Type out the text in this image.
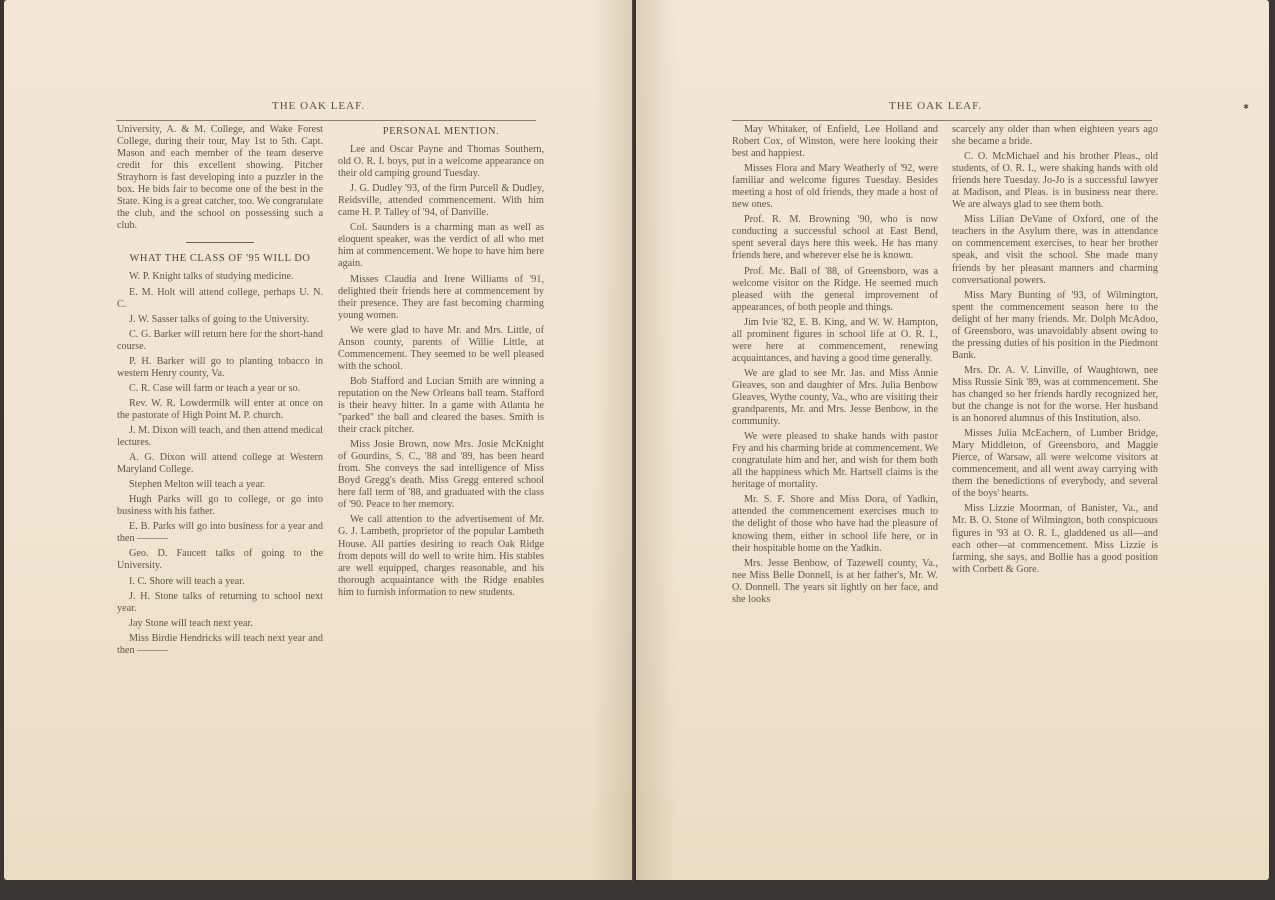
THE OAK LEAF.

University, A. & M. College, and Wake Forest College, during their tour, May 1st to 5th. Capt. Mason and each member of the team deserve credit for this excellent showing. Pitcher Strayhorn is fast developing into a puzzler in the box. He bids fair to become one of the best in the State. King is a great catcher, too. We congratulate the club, and the school on possessing such a club.

WHAT THE CLASS OF '95 WILL DO

W. P. Knight talks of studying medicine.

E. M. Holt will attend college, perhaps U. N. C.

J. W. Sasser talks of going to the University.

C. G. Barker will return here for the short-hand course.

P. H. Barker will go to planting tobacco in western Henry county, Va.

C. R. Case will farm or teach a year or so.

Rev. W. R. Lowdermilk will enter at once on the pastorate of High Point M. P. church.

J. M. Dixon will teach, and then attend medical lectures.

A. G. Dixon will attend college at Western Maryland College.

Stephen Melton will teach a year.

Hugh Parks will go to college, or go into business with his father.

E. B. Parks will go into business for a year and then ———

Geo. D. Faucett talks of going to the University.

I. C. Shore will teach a year.

J. H. Stone talks of returning to school next year.

Jay Stone will teach next year.

Miss Birdie Hendricks will teach next year and then ———

PERSONAL MENTION.

Lee and Oscar Payne and Thomas Southern, old O. R. I. boys, put in a welcome appearance on their old camping ground Tuesday.

J. G. Dudley '93, of the firm Purcell & Dudley, Reidsville, attended commencement. With him came H. P. Talley of '94, of Danville.

Col. Saunders is a charming man as well as eloquent speaker, was the verdict of all who met him at commencement. We hope to have him here again.

Misses Claudia and Irene Williams of '91, delighted their friends here at commencement by their presence. They are fast becoming charming young women.

We were glad to have Mr. and Mrs. Little, of Anson county, parents of Willie Little, at Commencement. They seemed to be well pleased with the school.

Bob Stafford and Lucian Smith are winning a reputation on the New Orleans ball team. Stafford is their heavy hitter. In a game with Atlanta he "parked" the ball and cleared the bases. Smith is their crack pitcher.

Miss Josie Brown, now Mrs. Josie McKnight of Gourdins, S. C., '88 and '89, has been heard from. She conveys the sad intelligence of Miss Boyd Gregg's death. Miss Gregg entered school here fall term of '88, and graduated with the class of '90. Peace to her memory.

We call attention to the advertisement of Mr. G. J. Lambeth, proprietor of the popular Lambeth House. All parties desiring to reach Oak Ridge from depots will do well to write him. His stables are well equipped, charges reasonable, and his thorough acquaintance with the Ridge enables him to furnish information to new students.

THE OAK LEAF.	✱

May Whitaker, of Enfield, Lee Holland and Robert Cox, of Winston, were here looking their best and happiest.

Misses Flora and Mary Weatherly of '92, were familiar and welcome figures Tuesday. Besides meeting a host of old friends, they made a host of new ones.

Prof. R. M. Browning '90, who is now conducting a successful school at East Bend, spent several days here this week. He has many friends here, and wherever else he is known.

Prof. Mc. Ball of '88, of Greensboro, was a welcome visitor on the Ridge. He seemed much pleased with the general improvement of appearances, of both people and things.

Jim Ivie '82, E. B. King, and W. W. Hampton, all prominent figures in school life at O. R. I., were here at commencement, renewing acquaintances, and having a good time generally.

We are glad to see Mr. Jas. and Miss Annie Gleaves, son and daughter of Mrs. Julia Benbow Gleaves, Wythe county, Va., who are visiting their grandparents, Mr. and Mrs. Jesse Benbow, in the community.

We were pleased to shake hands with pastor Fry and his charming bride at commencement. We congratulate him and her, and wish for them both all the happiness which Mr. Hartsell claims is the heritage of mortality.

Mr. S. F. Shore and Miss Dora, of Yadkin, attended the commencement exercises much to the delight of those who have had the pleasure of knowing them, either in school life here, or in their hospitable home on the Yadkin.

Mrs. Jesse Benbow, of Tazewell county, Va., nee Miss Belle Donnell, is at her father's, Mr. W. O. Donnell. The years sit lightly on her face, and she looks

scarcely any older than when eighteen years ago she became a bride.

C. O. McMichael and his brother Pleas., old students, of O. R. I., were shaking hands with old friends here Tuesday. Jo-Jo is a successful lawyer at Madison, and Pleas. is in business near there. We are always glad to see them both.

Miss Lilian DeVane of Oxford, one of the teachers in the Asylum there, was in attendance on commencement exercises, to hear her brother speak, and visit the school. She made many friends by her pleasant manners and charming conversational powers.

Miss Mary Bunting of '93, of Wilmington, spent the commencement season here to the delight of her many friends. Mr. Dolph McAdoo, of Greensboro, was unavoidably absent owing to the pressing duties of his position in the Piedmont Bank.

Mrs. Dr. A. V. Linville, of Waughtown, nee Miss Russie Sink '89, was at commencement. She has changed so her friends hardly recognized her, but the change is not for the worse. Her husband is an honored alumnus of this Institution, also.

Misses Julia McEachern, of Lumber Bridge, Mary Middleton, of Greensboro, and Maggie Pierce, of Warsaw, all were welcome visitors at commencement, and all went away carrying with them the benedictions of everybody, and several of the boys' hearts.

Miss Lizzie Moorman, of Banister, Va., and Mr. B. O. Stone of Wilmington, both conspicuous figures in '93 at O. R. I., gladdened us all—and each other—at commencement. Miss Lizzie is farming, she says, and Bollie has a good position with Corbett & Gore.
